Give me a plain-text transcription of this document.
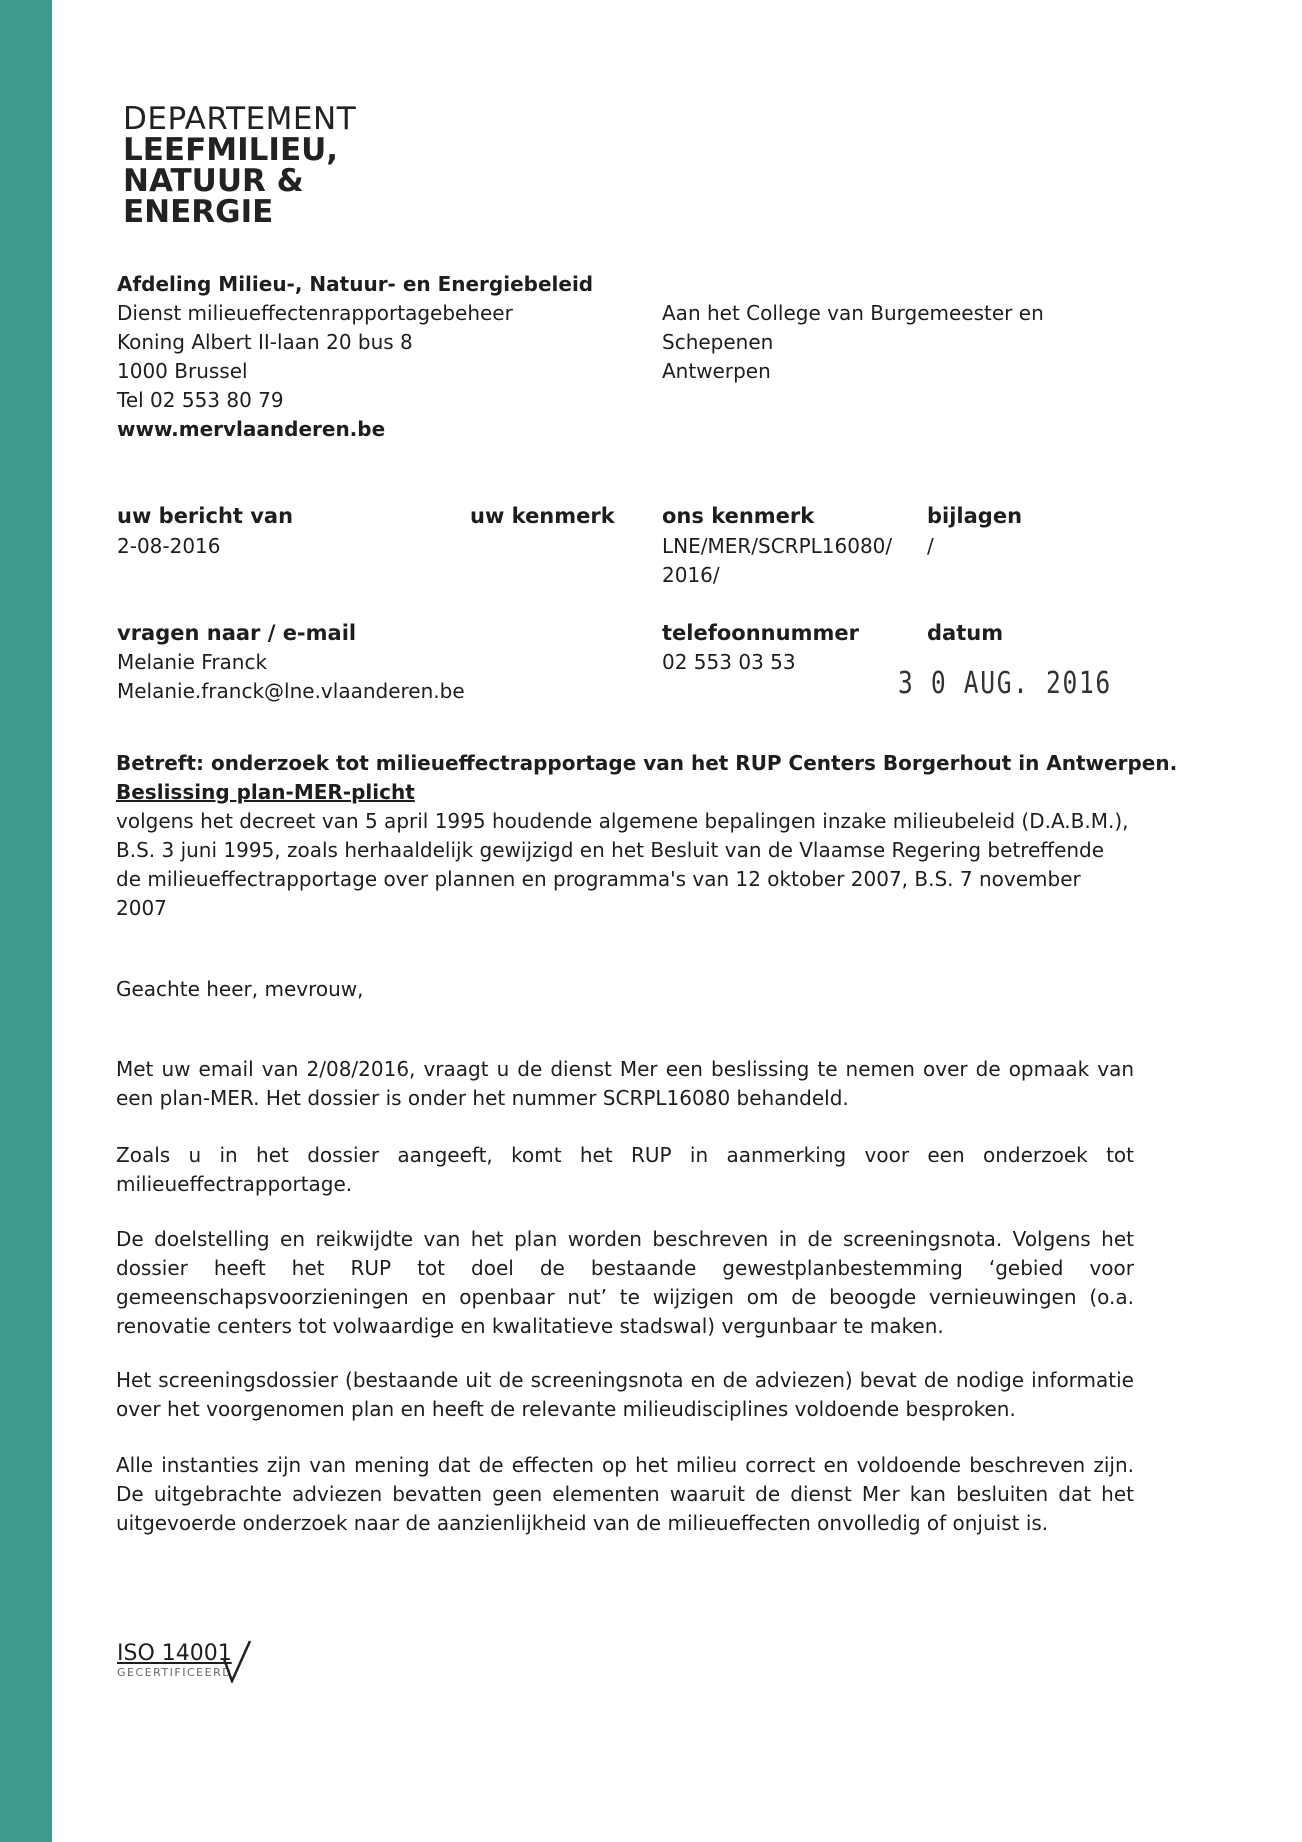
DEPARTEMENT
LEEFMILIEU,
NATUUR &
ENERGIE
Afdeling Milieu-, Natuur- en Energiebeleid
Dienst milieueffectenrapportagebeheer
Koning Albert II-laan 20 bus 8
1000 Brussel
Tel 02 553 80 79
www.mervlaanderen.be
Aan het College van Burgemeester en
Schepenen
Antwerpen
uw bericht van
2-08-2016
uw kenmerk ons kenmerk
LNE/MER/SCRPL16080/
2016/
bijlagen
/
vragen naar / e-mail
Melanie Franck
Melanie.franck@lne.vlaanderen.be
telefoonnummer
02 553 03 53
datum
3 0 AUG. 2016
Betreft: onderzoek tot milieueffectrapportage van het RUP Centers Borgerhout in Antwerpen.
Beslissing plan-MER-plicht
volgens het decreet van 5 april 1995 houdende algemene bepalingen inzake milieubeleid (D.A.B.M.), B.S. 3 juni 1995, zoals herhaaldelijk gewijzigd en het Besluit van de Vlaamse Regering betreffende de milieueffectrapportage over plannen en programma's van 12 oktober 2007, B.S. 7 november 2007
Geachte heer, mevrouw,
Met uw email van 2/08/2016, vraagt u de dienst Mer een beslissing te nemen over de opmaak van een plan-MER. Het dossier is onder het nummer SCRPL16080 behandeld.
Zoals u in het dossier aangeeft, komt het RUP in aanmerking voor een onderzoek tot milieueffectrapportage.
De doelstelling en reikwijdte van het plan worden beschreven in de screeningsnota. Volgens het dossier heeft het RUP tot doel de bestaande gewestplanbestemming ‘gebied voor gemeenschapsvoorzieningen en openbaar nut’ te wijzigen om de beoogde vernieuwingen (o.a. renovatie centers tot volwaardige en kwalitatieve stadswal) vergunbaar te maken.
Het screeningsdossier (bestaande uit de screeningsnota en de adviezen) bevat de nodige informatie over het voorgenomen plan en heeft de relevante milieudisciplines voldoende besproken.
Alle instanties zijn van mening dat de effecten op het milieu correct en voldoende beschreven zijn. De uitgebrachte adviezen bevatten geen elementen waaruit de dienst Mer kan besluiten dat het uitgevoerde onderzoek naar de aanzienlijkheid van de milieueffecten onvolledig of onjuist is.
ISO 14001
GECERTIFICEERD
